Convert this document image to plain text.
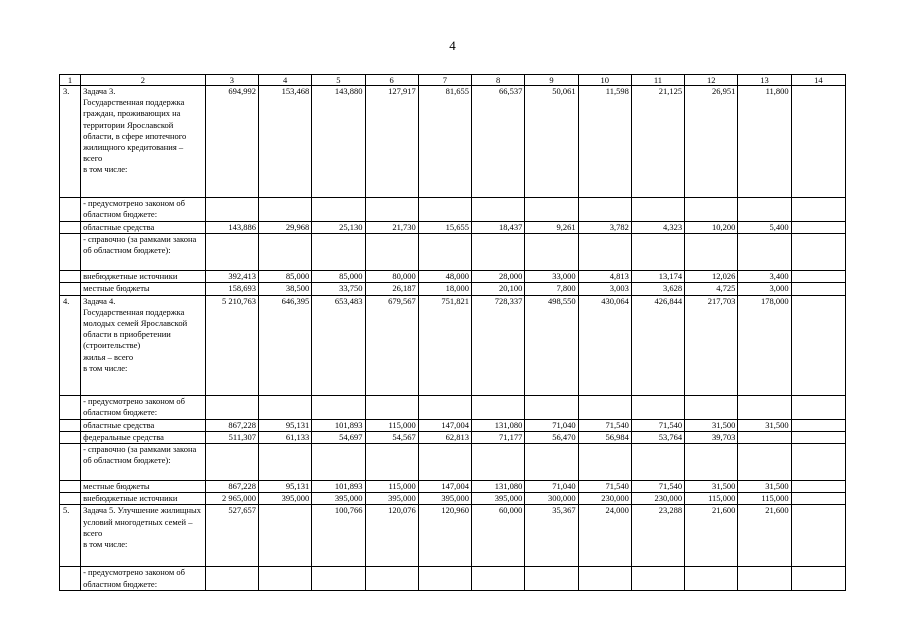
4
1	2	3	4	5	6	7	8	9	10	11	12	13	14
3.	Задача 3.
Государственная поддержка граждан, проживающих на территории Ярославской области, в сфере ипотечного жилищного кредитования – всего
в том числе:	694,992	153,468	143,880	127,917	81,655	66,537	50,061	11,598	21,125	26,951	11,800	
	- предусмотрено законом об областном бюджете:												
	областные средства	143,886	29,968	25,130	21,730	15,655	18,437	9,261	3,782	4,323	10,200	5,400	
	- справочно (за рамками закона об областном бюджете):												
	внебюджетные источники	392,413	85,000	85,000	80,000	48,000	28,000	33,000	4,813	13,174	12,026	3,400	
	местные бюджеты	158,693	38,500	33,750	26,187	18,000	20,100	7,800	3,003	3,628	4,725	3,000	
4.	Задача 4.
Государственная поддержка молодых семей Ярославской области в приобретении (строительстве)
жилья – всего
в том числе:	5 210,763	646,395	653,483	679,567	751,821	728,337	498,550	430,064	426,844	217,703	178,000	
	- предусмотрено законом об областном бюджете:												
	областные средства	867,228	95,131	101,893	115,000	147,004	131,080	71,040	71,540	71,540	31,500	31,500	
	федеральные средства	511,307	61,133	54,697	54,567	62,813	71,177	56,470	56,984	53,764	39,703		
	- справочно (за рамками закона об областном бюджете):												
	местные бюджеты	867,228	95,131	101,893	115,000	147,004	131,080	71,040	71,540	71,540	31,500	31,500	
	внебюджетные источники	2 965,000	395,000	395,000	395,000	395,000	395,000	300,000	230,000	230,000	115,000	115,000	
5.	Задача 5. Улучшение жилищных условий многодетных семей – всего
в том числе:	527,657		100,766	120,076	120,960	60,000	35,367	24,000	23,288	21,600	21,600	
	- предусмотрено законом об областном бюджете:												
